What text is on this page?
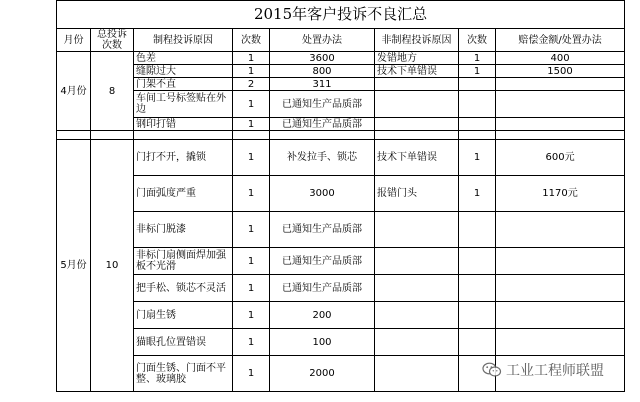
2015年客户投诉不良汇总							
月份	总投诉次数	制程投诉原因	次数	处置办法	非制程投诉原因	次数	赔偿金额/处置办法
4月份	8	色差	1	3600	发错地方	1	400
		缝隙过大	1	800	技术下单错误	1	1500
		门架不直	2	311			
		车间工号标签贴在外边	1	已通知生产品质部			
		钢印打错	1	已通知生产品质部			

5月份	10	门打不开，撬锁	1	补发拉手、锁芯	技术下单错误	1	600元
		门面弧度严重	1	3000	报错门头	1	1170元
		非标门脱漆	1	已通知生产品质部			
		非标门扇侧面焊加强板不光滑	1	已通知生产品质部			
		把手松、锁芯不灵活	1	已通知生产品质部			
		门扇生锈	1	200			
		猫眼孔位置错误	1	100			
		门面生锈、门面不平整、玻璃胶	1	2000				工业工程师联盟
